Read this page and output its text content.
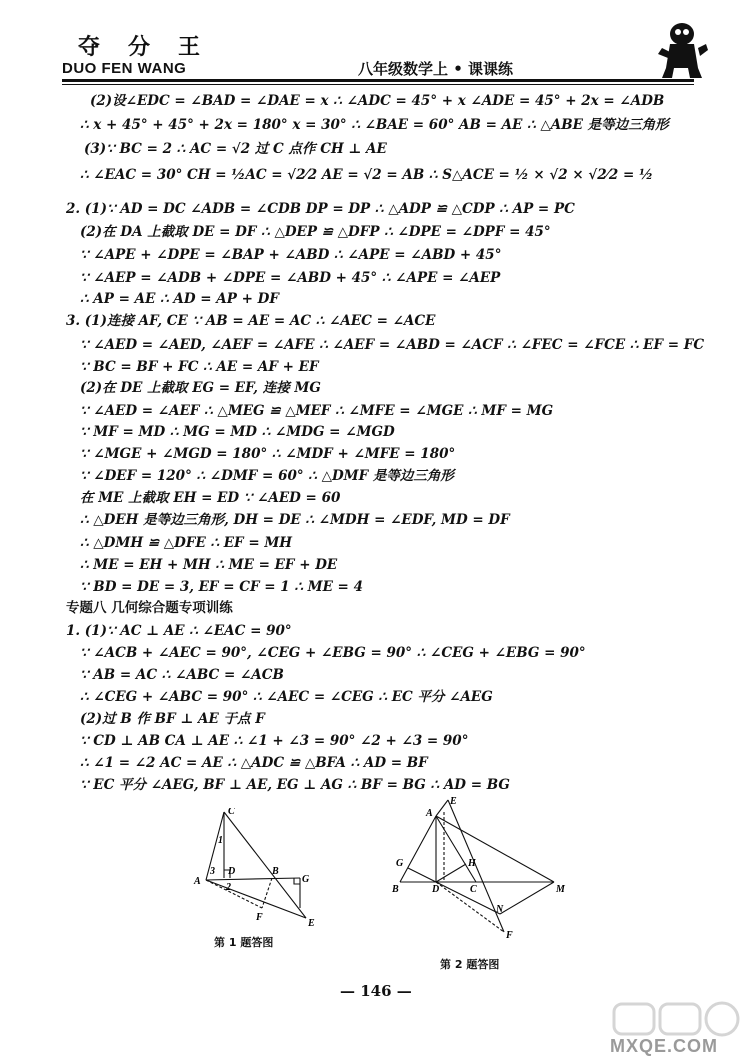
夺分王
DUO FEN WANG	八年级数学上 • 课课练
(2)设∠EDC = ∠BAD = ∠DAE = x ∴ ∠ADC = 45° + x ∠ADE = 45° + 2x = ∠ADB
∴ x + 45° + 45° + 2x = 180° x = 30° ∴ ∠BAE = 60° AB = AE ∴ △ABE 是等边三角形
(3)∵ BC = 2 ∴ AC = √2 过 C 点作 CH ⊥ AE
∴ ∠EAC = 30° CH = ½AC = √2⁄2 AE = √2 = AB ∴ S△ACE = ½ × √2 × √2⁄2 = ½
2. (1)∵ AD = DC ∠ADB = ∠CDB DP = DP ∴ △ADP ≌ △CDP ∴ AP = PC
(2)在 DA 上截取 DE = DF ∴ △DEP ≌ △DFP ∴ ∠DPE = ∠DPF = 45°
∵ ∠APE + ∠DPE = ∠BAP + ∠ABD ∴ ∠APE = ∠ABD + 45°
∵ ∠AEP = ∠ADB + ∠DPE = ∠ABD + 45° ∴ ∠APE = ∠AEP
∴ AP = AE ∴ AD = AP + DF
3. (1)连接 AF, CE ∵ AB = AE = AC ∴ ∠AEC = ∠ACE
∵ ∠AED = ∠AED, ∠AEF = ∠AFE ∴ ∠AEF = ∠ABD = ∠ACF ∴ ∠FEC = ∠FCE ∴ EF = FC
∵ BC = BF + FC ∴ AE = AF + EF
(2)在 DE 上截取 EG = EF, 连接 MG
∵ ∠AED = ∠AEF ∴ △MEG ≌ △MEF ∴ ∠MFE = ∠MGE ∴ MF = MG
∵ MF = MD ∴ MG = MD ∴ ∠MDG = ∠MGD
∵ ∠MGE + ∠MGD = 180° ∴ ∠MDF + ∠MFE = 180°
∵ ∠DEF = 120° ∴ ∠DMF = 60° ∴ △DMF 是等边三角形
在 ME 上截取 EH = ED ∵ ∠AED = 60
∴ △DEH 是等边三角形, DH = DE ∴ ∠MDH = ∠EDF, MD = DF
∴ △DMH ≌ △DFE ∴ EF = MH
∴ ME = EH + MH ∴ ME = EF + DE
∵ BD = DE = 3, EF = CF = 1 ∴ ME = 4
专题八 几何综合题专项训练
1. (1)∵ AC ⊥ AE ∴ ∠EAC = 90°
∵ ∠ACB + ∠AEC = 90°, ∠CEG + ∠EBG = 90° ∴ ∠CEG + ∠EBG = 90°
∵ AB = AC ∴ ∠ABC = ∠ACB
∴ ∠CEG + ∠ABC = 90° ∴ ∠AEC = ∠CEG ∴ EC 平分 ∠AEG
(2)过 B 作 BF ⊥ AE 于点 F
∵ CD ⊥ AB CA ⊥ AE ∴ ∠1 + ∠3 = 90° ∠2 + ∠3 = 90°
∴ ∠1 = ∠2 AC = AE ∴ △ADC ≌ △BFA ∴ AD = BF
∵ EC 平分 ∠AEG, BF ⊥ AE, EG ⊥ AG ∴ BF = BG ∴ AD = BG
C
1
3 D	B
G
A
2
F
E
第 1 题答图
A
E
G	H
B	D	C	M
N
F
第 2 题答图
— 146 —
MXQE.COM
